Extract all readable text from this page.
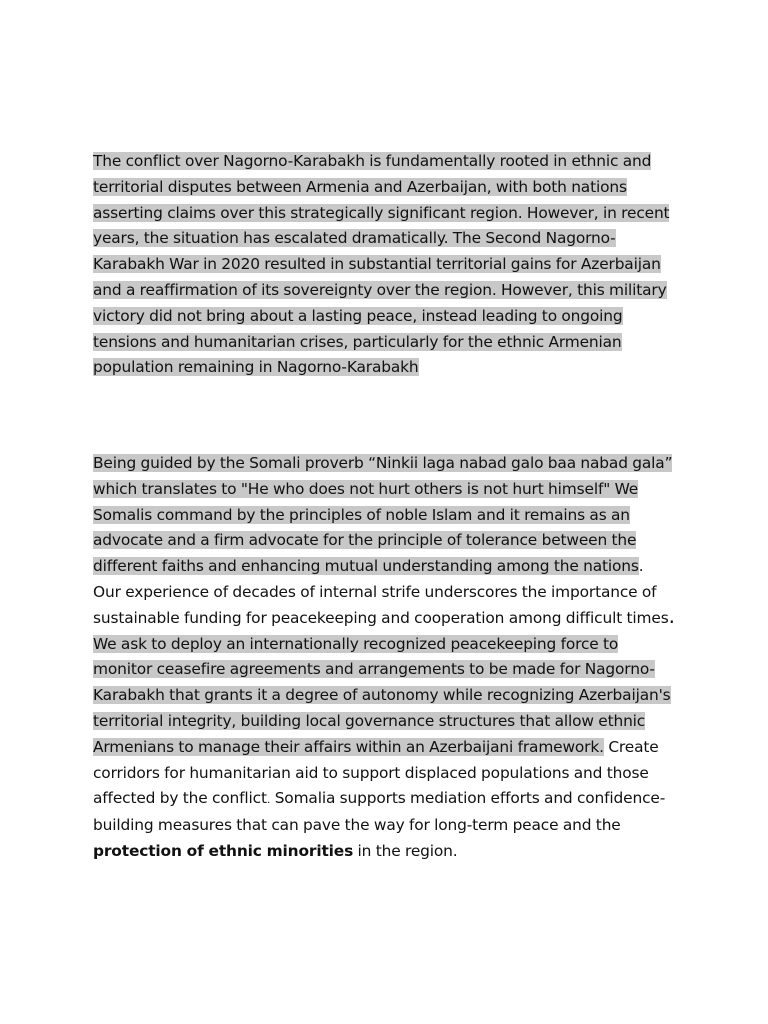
The conflict over Nagorno-Karabakh is fundamentally rooted in ethnic and territorial disputes between Armenia and Azerbaijan, with both nations asserting claims over this strategically significant region. However, in recent years, the situation has escalated dramatically. The Second Nagorno-Karabakh War in 2020 resulted in substantial territorial gains for Azerbaijan and a reaffirmation of its sovereignty over the region. However, this military victory did not bring about a lasting peace, instead leading to ongoing tensions and humanitarian crises, particularly for the ethnic Armenian population remaining in Nagorno-Karabakh

Being guided by the Somali proverb “Ninkii laga nabad galo baa nabad gala” which translates to "He who does not hurt others is not hurt himself" We Somalis command by the principles of noble Islam and it remains as an advocate and a firm advocate for the principle of tolerance between the different faiths and enhancing mutual understanding among the nations. Our experience of decades of internal strife underscores the importance of sustainable funding for peacekeeping and cooperation among difficult times. We ask to deploy an internationally recognized peacekeeping force to monitor ceasefire agreements and arrangements to be made for Nagorno-Karabakh that grants it a degree of autonomy while recognizing Azerbaijan's territorial integrity, building local governance structures that allow ethnic Armenians to manage their affairs within an Azerbaijani framework. Create corridors for humanitarian aid to support displaced populations and those affected by the conflict. Somalia supports mediation efforts and confidence-building measures that can pave the way for long-term peace and the protection of ethnic minorities in the region.
